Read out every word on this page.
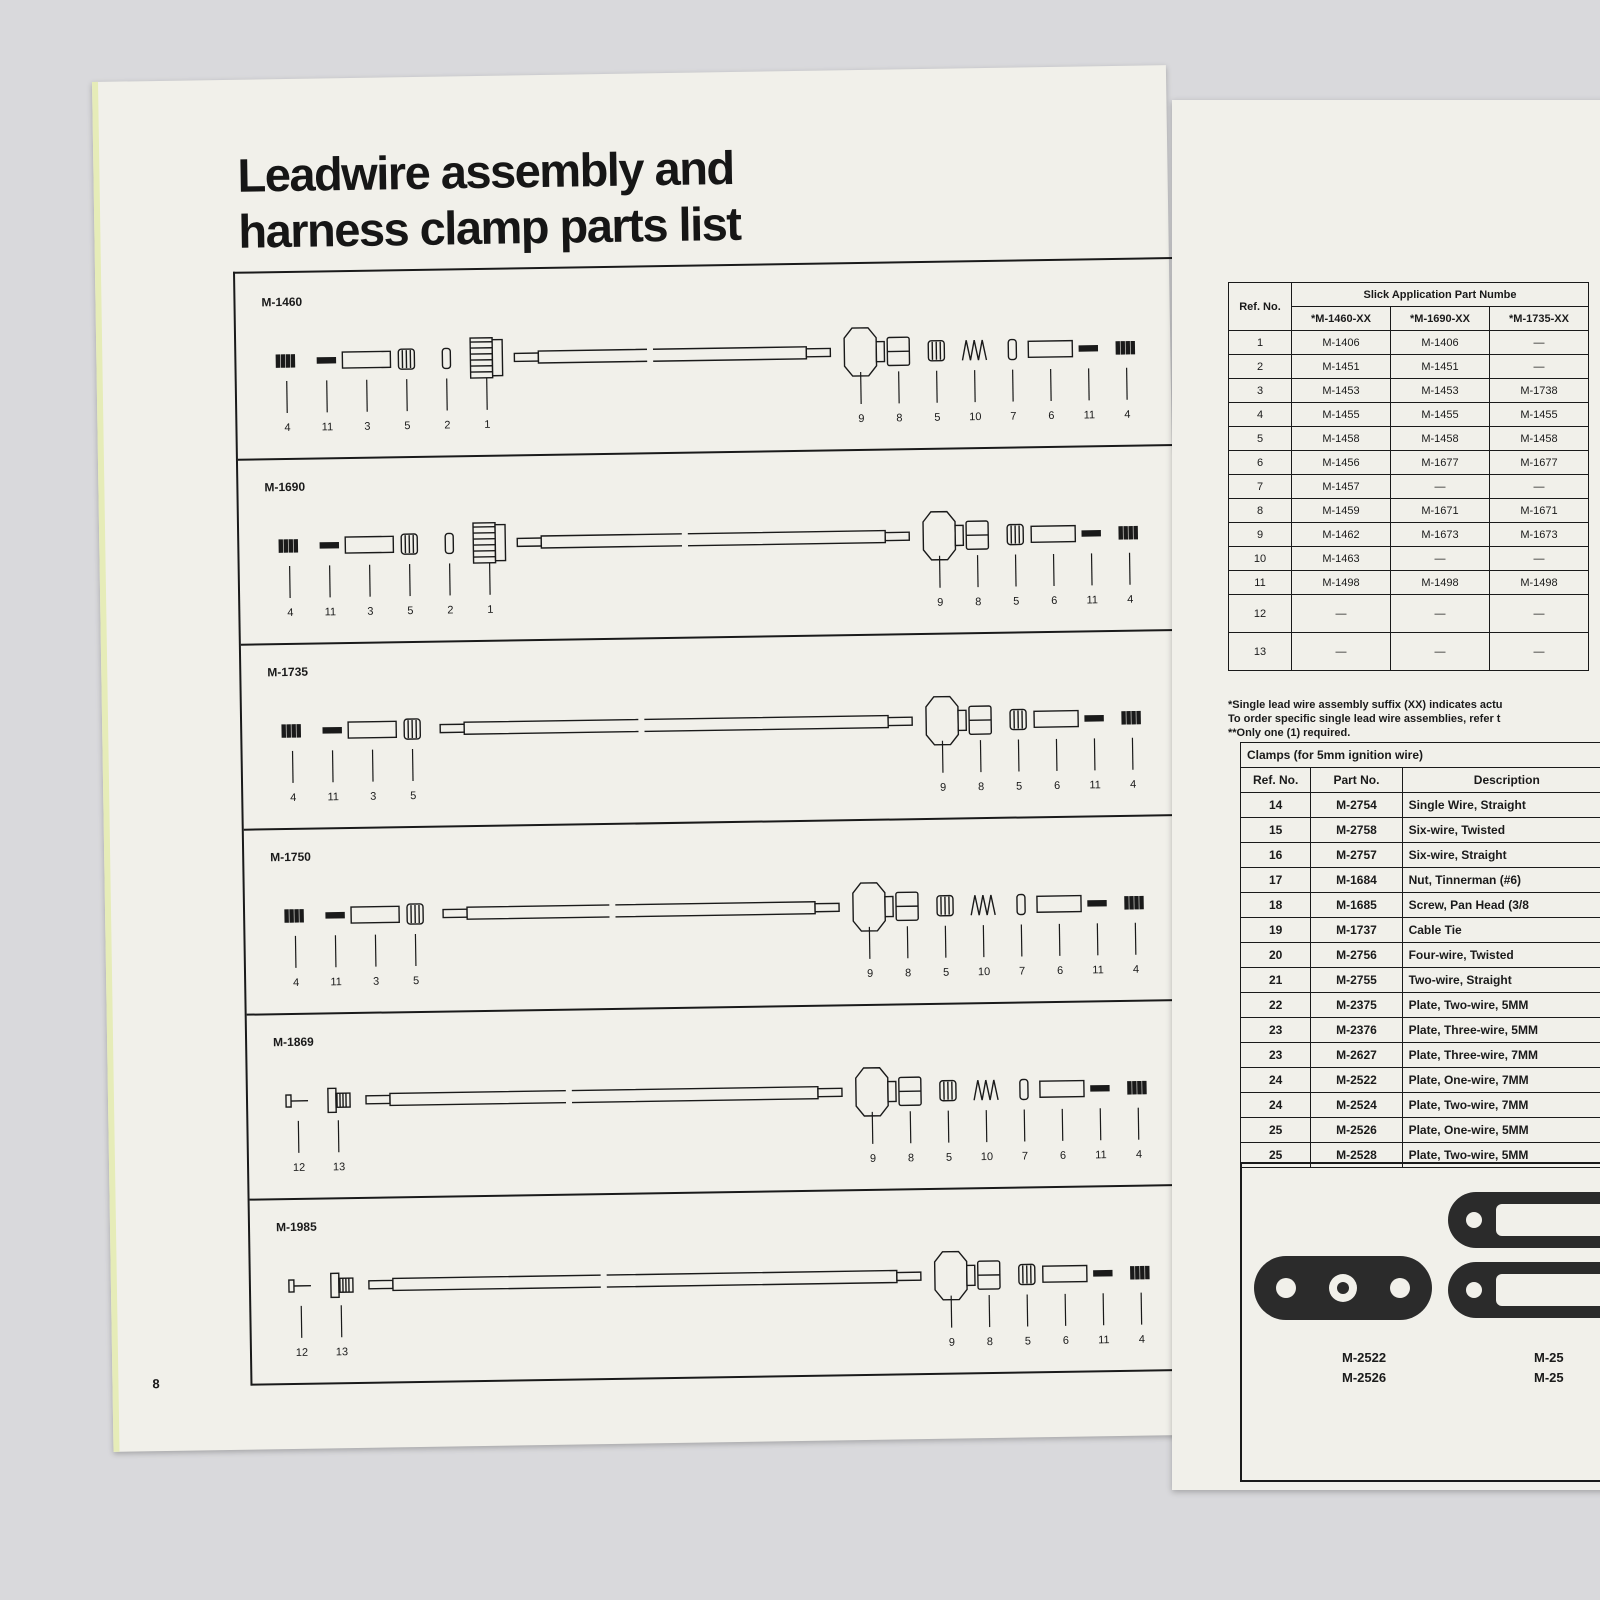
Leadwire assembly and
harness clamp parts list
M-1460
4	11	3	5	2	1	9	8	5	10	7	6	11	4
M-1690
4	11	3	5	2	1
9	8	5	6	11	4
M-1735
4	11	3	5
9	8	5	6	11	4
M-1750
4	11	3	5
9	8	5	10	7	6	11	4
M-1869
12	13
9	8	5	10	7	6	11	4
M-1985
12	13
9	8	5	6	11	4
8
Ref. No.	Slick Application Part Numbe		
	*M-1460-XX	*M-1690-XX	*M-1735-XX
1	M-1406	M-1406	—
2	M-1451	M-1451	—
3	M-1453	M-1453	M-1738
4	M-1455	M-1455	M-1455
5	M-1458	M-1458	M-1458
6	M-1456	M-1677	M-1677
7	M-1457	—	—
8	M-1459	M-1671	M-1671
9	M-1462	M-1673	M-1673
10	M-1463	—	—
11	M-1498	M-1498	M-1498
12	—	—	—
13	—	—	—
*Single lead wire assembly suffix (XX) indicates actu
To order specific single lead wire assemblies, refer t
**Only one (1) required.
Clamps (for 5mm ignition wire)		
Ref. No.	Part No.	Description
14	M-2754	Single Wire, Straight
15	M-2758	Six-wire, Twisted
16	M-2757	Six-wire, Straight
17	M-1684	Nut, Tinnerman (#6)
18	M-1685	Screw, Pan Head (3/8
19	M-1737	Cable Tie
20	M-2756	Four-wire, Twisted
21	M-2755	Two-wire, Straight
22	M-2375	Plate, Two-wire, 5MM
23	M-2376	Plate, Three-wire, 5MM
23	M-2627	Plate, Three-wire, 7MM
24	M-2522	Plate, One-wire, 7MM
24	M-2524	Plate, Two-wire, 7MM
25	M-2526	Plate, One-wire, 5MM
25	M-2528	Plate, Two-wire, 5MM
M-2522
M-2526
M-25
M-25
